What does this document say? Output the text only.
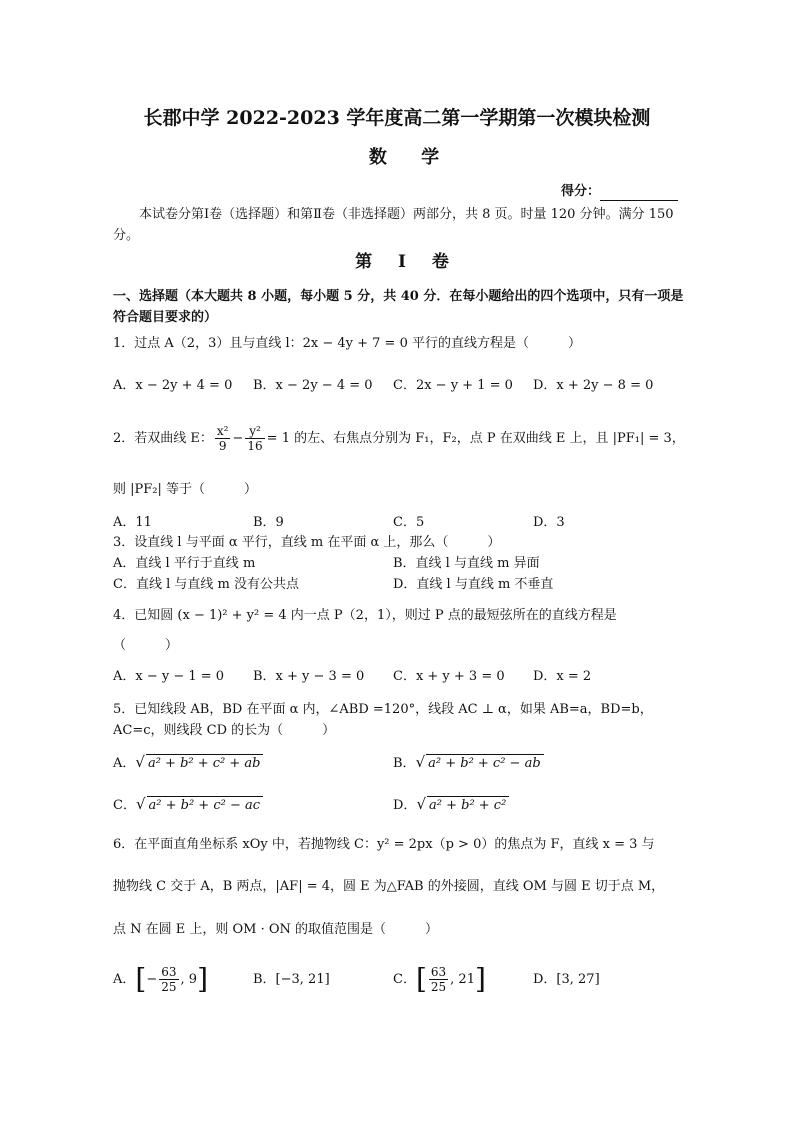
长郡中学 2022-2023 学年度高二第一学期第一次模块检测
数 学
得分：
本试卷分第Ⅰ卷（选择题）和第Ⅱ卷（非选择题）两部分，共 8 页。时量 120 分钟。满分 150 分。
第 Ⅰ 卷
一、选择题（本大题共 8 小题，每小题 5 分，共 40 分．在每小题给出的四个选项中，只有一项是符合题目要求的）
1．过点 A（2，3）且与直线 l：2x − 4y + 7 = 0 平行的直线方程是（　　　）
A．x − 2y + 4 = 0 B．x − 2y − 4 = 0 C．2x − y + 1 = 0 D．x + 2y − 8 = 0
2．若双曲线 E： $\frac{\text{x²}}{9} - \frac{\text{y²}}{16} = 1$ 的左、右焦点分别为 F₁，F₂，点 P 在双曲线 E 上，且 |PF₁| = 3，
则 |PF₂| 等于（　　　）
A．11	B．9	C．5	D．3
3．设直线 l 与平面 α 平行，直线 m 在平面 α 上，那么（　　　）
A．直线 l 平行于直线 m	B．直线 l 与直线 m 异面
C．直线 l 与直线 m 没有公共点	D．直线 l 与直线 m 不垂直
4．已知圆 (x − 1)² + y² = 4 内一点 P（2，1），则过 P 点的最短弦所在的直线方程是
（　　　）
A．x − y − 1 = 0 B．x + y − 3 = 0 C．x + y + 3 = 0 D．x = 2
5．已知线段 AB，BD 在平面 α 内，∠ABD =120°，线段 AC ⊥ α，如果 AB=a，BD=b，
AC=c，则线段 CD 的长为（　　　）
A．√ a² + b² + c² + ab	B．√ a² + b² + c² − ab
C．√ a² + b² + c² − ac	D．√ a² + b² + c²
6．在平面直角坐标系 xOy 中，若抛物线 C：y² = 2px（p > 0）的焦点为 F，直线 x = 3 与
抛物线 C 交于 A，B 两点，|AF| = 4，圆 E 为△FAB 的外接圆，直线 OM 与圆 E 切于点 M，
点 N 在圆 E 上，则 OM · ON 的取值范围是（　　　）
A．[− $\frac{63}{25}$ , 9]	B．[−3, 21]	C．[ $\frac{63}{25}$ , 21]	D．[3, 27]
